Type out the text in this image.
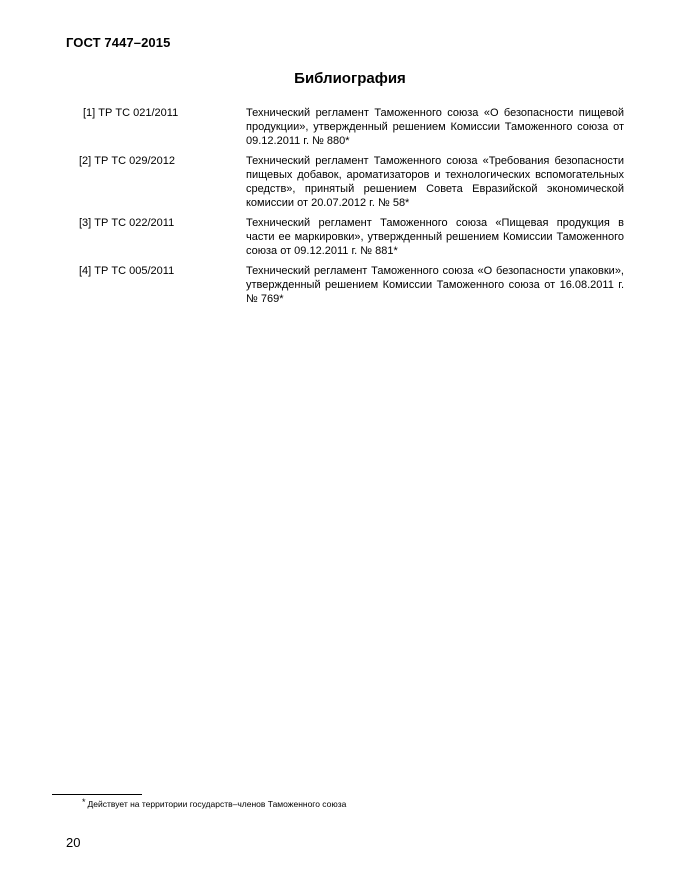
ГОСТ 7447–2015
Библиография
[1] ТР ТС 021/2011	Технический регламент Таможенного союза «О безопасности пищевой продукции», утвержденный решением Комиссии Таможенного союза от 09.12.2011 г. № 880*
[2] ТР ТС 029/2012	Технический регламент Таможенного союза «Требования безопасности пищевых добавок, ароматизаторов и технологических вспомогательных средств», принятый решением Совета Евразийской экономической комиссии от 20.07.2012 г. № 58*
[3] ТР ТС 022/2011	Технический регламент Таможенного союза «Пищевая продукция в части ее маркировки», утвержденный решением Комиссии Таможенного союза от 09.12.2011 г. № 881*
[4] ТР ТС 005/2011	Технический регламент Таможенного союза «О безопасности упаковки», утвержденный решением Комиссии Таможенного союза от 16.08.2011 г. № 769*
* Действует на территории государств–членов Таможенного союза
20
